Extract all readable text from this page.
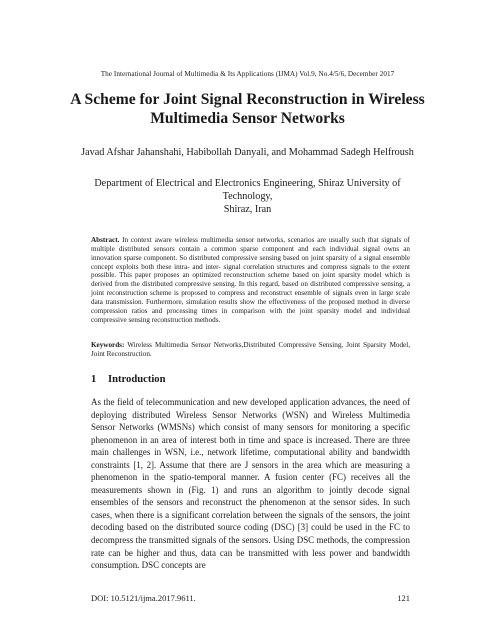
The International Journal of Multimedia & Its Applications (IJMA) Vol.9, No.4/5/6, December 2017
A Scheme for Joint Signal Reconstruction in Wireless Multimedia Sensor Networks
Javad Afshar Jahanshahi, Habibollah Danyali, and Mohammad Sadegh Helfroush
Department of Electrical and Electronics Engineering, Shiraz University of Technology,
Shiraz, Iran

Abstract. In context aware wireless multimedia sensor networks, scenarios are usually such that signals of multiple distributed sensors contain a common sparse component and each individual signal owns an innovation sparse component. So distributed compressive sensing based on joint sparsity of a signal ensemble concept exploits both these intra- and inter- signal correlation structures and compress signals to the extent possible. This paper proposes an optimized reconstruction scheme based on joint sparsity model which is derived from the distributed compressive sensing. In this regard, based on distributed compressive sensing, a joint reconstruction scheme is proposed to compress and reconstruct ensemble of signals even in large scale data transmission. Furthermore, simulation results show the effectiveness of the proposed method in diverse compression ratios and processing times in comparison with the joint sparsity model and individual compressive sensing reconstruction methods.

Keywords: Wireless Multimedia Sensor Networks,Distributed Compressive Sensing, Joint Sparsity Model, Joint Reconstruction.

1 Introduction

As the field of telecommunication and new developed application advances, the need of deploying distributed Wireless Sensor Networks (WSN) and Wireless Multimedia Sensor Networks (WMSNs) which consist of many sensors for monitoring a specific phenomenon in an area of interest both in time and space is increased. There are three main challenges in WSN, i.e., network lifetime, computational ability and bandwidth constraints [1, 2]. Assume that there are J sensors in the area which are measuring a phenomenon in the spatio-temporal manner. A fusion center (FC) receives all the measurements shown in (Fig. 1) and runs an algorithm to jointly decode signal ensembles of the sensors and reconstruct the phenomenon at the sensor sides. In such cases, when there is a significant correlation between the signals of the sensors, the joint decoding based on the distributed source coding (DSC) [3] could be used in the FC to decompress the transmitted signals of the sensors. Using DSC methods, the compression rate can be higher and thus, data can be transmitted with less power and bandwidth consumption. DSC concepts are

DOI: 10.5121/ijma.2017.9611.	121
